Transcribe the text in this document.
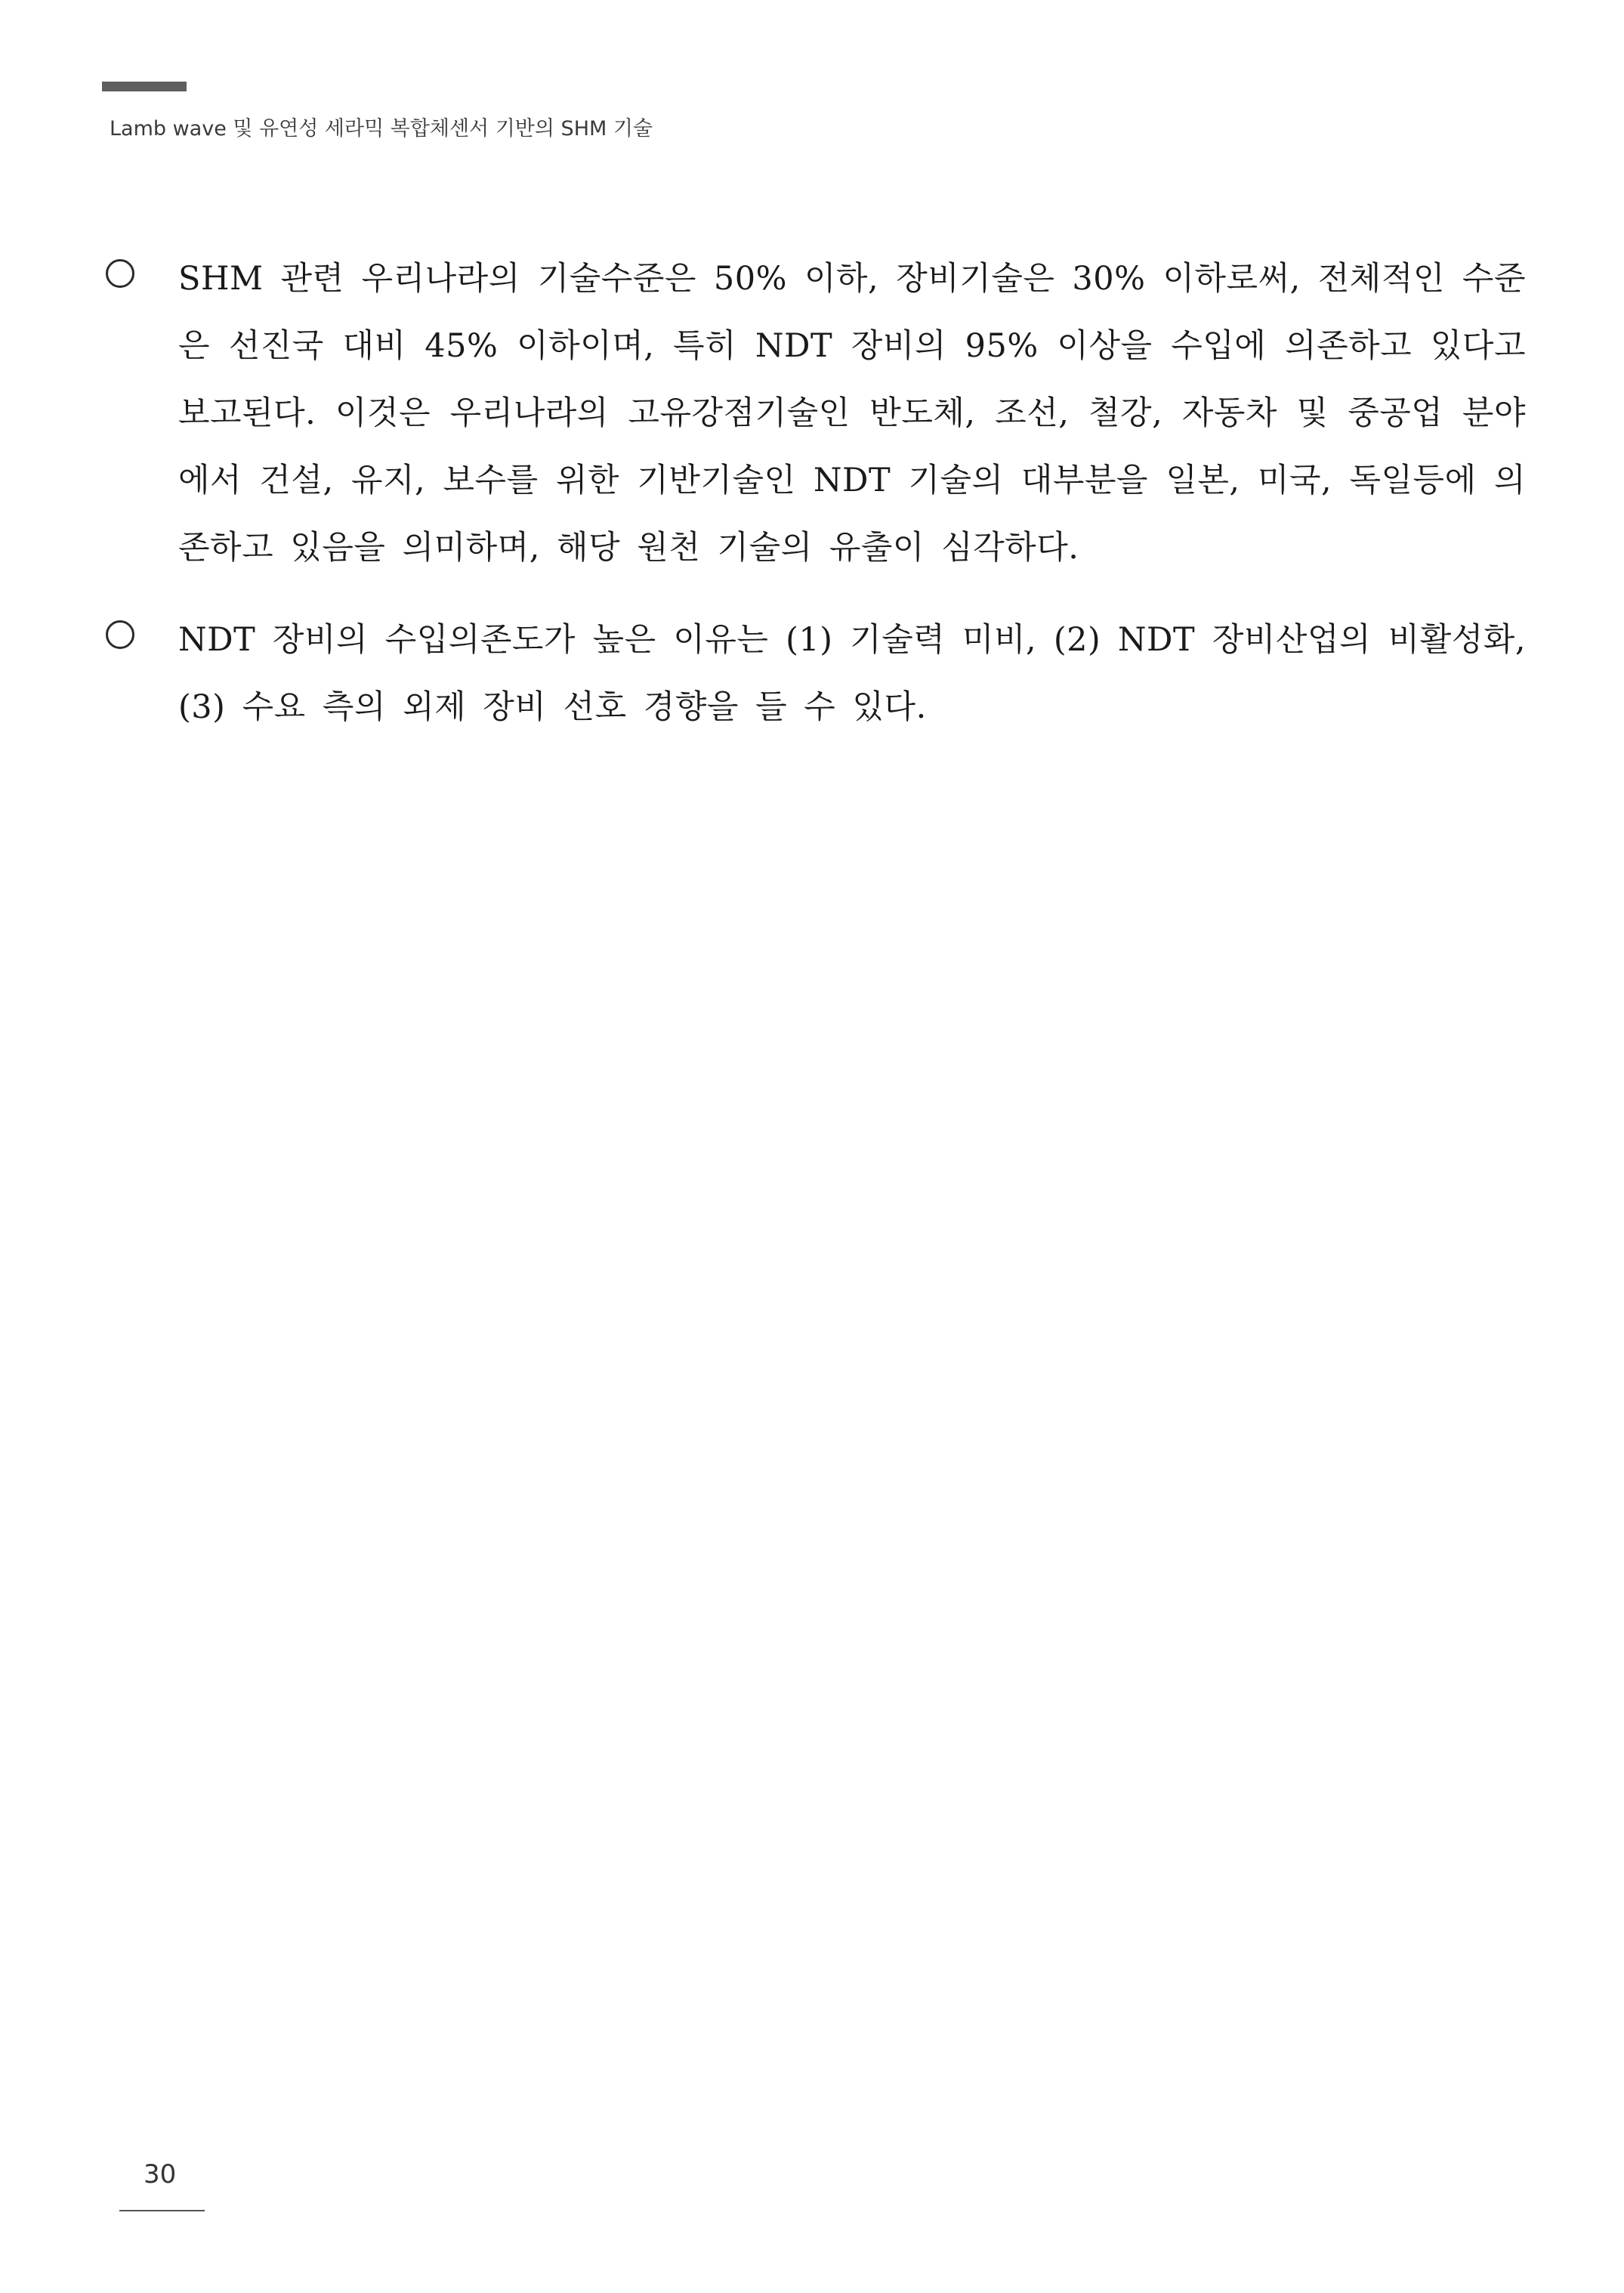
Lamb wave 및 유연성 세라믹 복합체센서 기반의 SHM 기술
SHM 관련 우리나라의 기술수준은 50% 이하, 장비기술은 30% 이하로써, 전체적인 수준은 선진국 대비 45% 이하이며, 특히 NDT 장비의 95% 이상을 수입에 의존하고 있다고 보고된다. 이것은 우리나라의 고유강점기술인 반도체, 조선, 철강, 자동차 및 중공업 분야에서 건설, 유지, 보수를 위한 기반기술인 NDT 기술의 대부분을 일본, 미국, 독일등에 의존하고 있음을 의미하며, 해당 원천 기술의 유출이 심각하다.
NDT 장비의 수입의존도가 높은 이유는 (1) 기술력 미비, (2) NDT 장비산업의 비활성화, (3) 수요 측의 외제 장비 선호 경향을 들 수 있다.
30
